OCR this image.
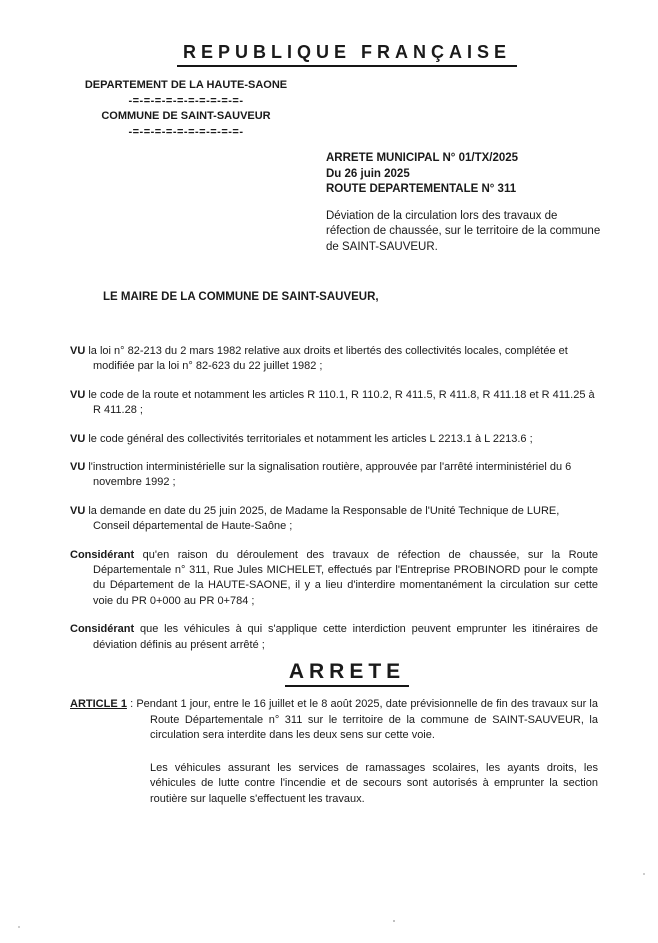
REPUBLIQUE FRANÇAISE
DEPARTEMENT DE LA HAUTE-SAONE
-=-=-=-=-=-=-=-=-=-=-
COMMUNE DE SAINT-SAUVEUR
-=-=-=-=-=-=-=-=-=-=-
ARRETE MUNICIPAL N° 01/TX/2025
Du 26 juin 2025
ROUTE DEPARTEMENTALE N° 311
Déviation de la circulation lors des travaux de réfection de chaussée, sur le territoire de la commune de SAINT-SAUVEUR.
LE MAIRE DE LA COMMUNE DE SAINT-SAUVEUR,

VU la loi n° 82-213 du 2 mars 1982 relative aux droits et libertés des collectivités locales, complétée et modifiée par la loi n° 82-623 du 22 juillet 1982 ;

VU le code de la route et notamment les articles R 110.1, R 110.2, R 411.5, R 411.8, R 411.18 et R 411.25 à R 411.28 ;

VU le code général des collectivités territoriales et notamment les articles L 2213.1 à L 2213.6 ;

VU l'instruction interministérielle sur la signalisation routière, approuvée par l'arrêté interministériel du 6 novembre 1992 ;

VU la demande en date du 25 juin 2025, de Madame la Responsable de l'Unité Technique de LURE, Conseil départemental de Haute-Saône ;

Considérant qu'en raison du déroulement des travaux de réfection de chaussée, sur la Route Départementale n° 311, Rue Jules MICHELET, effectués par l'Entreprise PROBINORD pour le compte du Département de la HAUTE-SAONE, il y a lieu d'interdire momentanément la circulation sur cette voie du PR 0+000 au PR 0+784 ;

Considérant que les véhicules à qui s'applique cette interdiction peuvent emprunter les itinéraires de déviation définis au présent arrêté ;

ARRETE

ARTICLE 1 : Pendant 1 jour, entre le 16 juillet et le 8 août 2025, date prévisionnelle de fin des travaux sur la Route Départementale n° 311 sur le territoire de la commune de SAINT-SAUVEUR, la circulation sera interdite dans les deux sens sur cette voie.

Les véhicules assurant les services de ramassages scolaires, les ayants droits, les véhicules de lutte contre l'incendie et de secours sont autorisés à emprunter la section routière sur laquelle s'effectuent les travaux.
